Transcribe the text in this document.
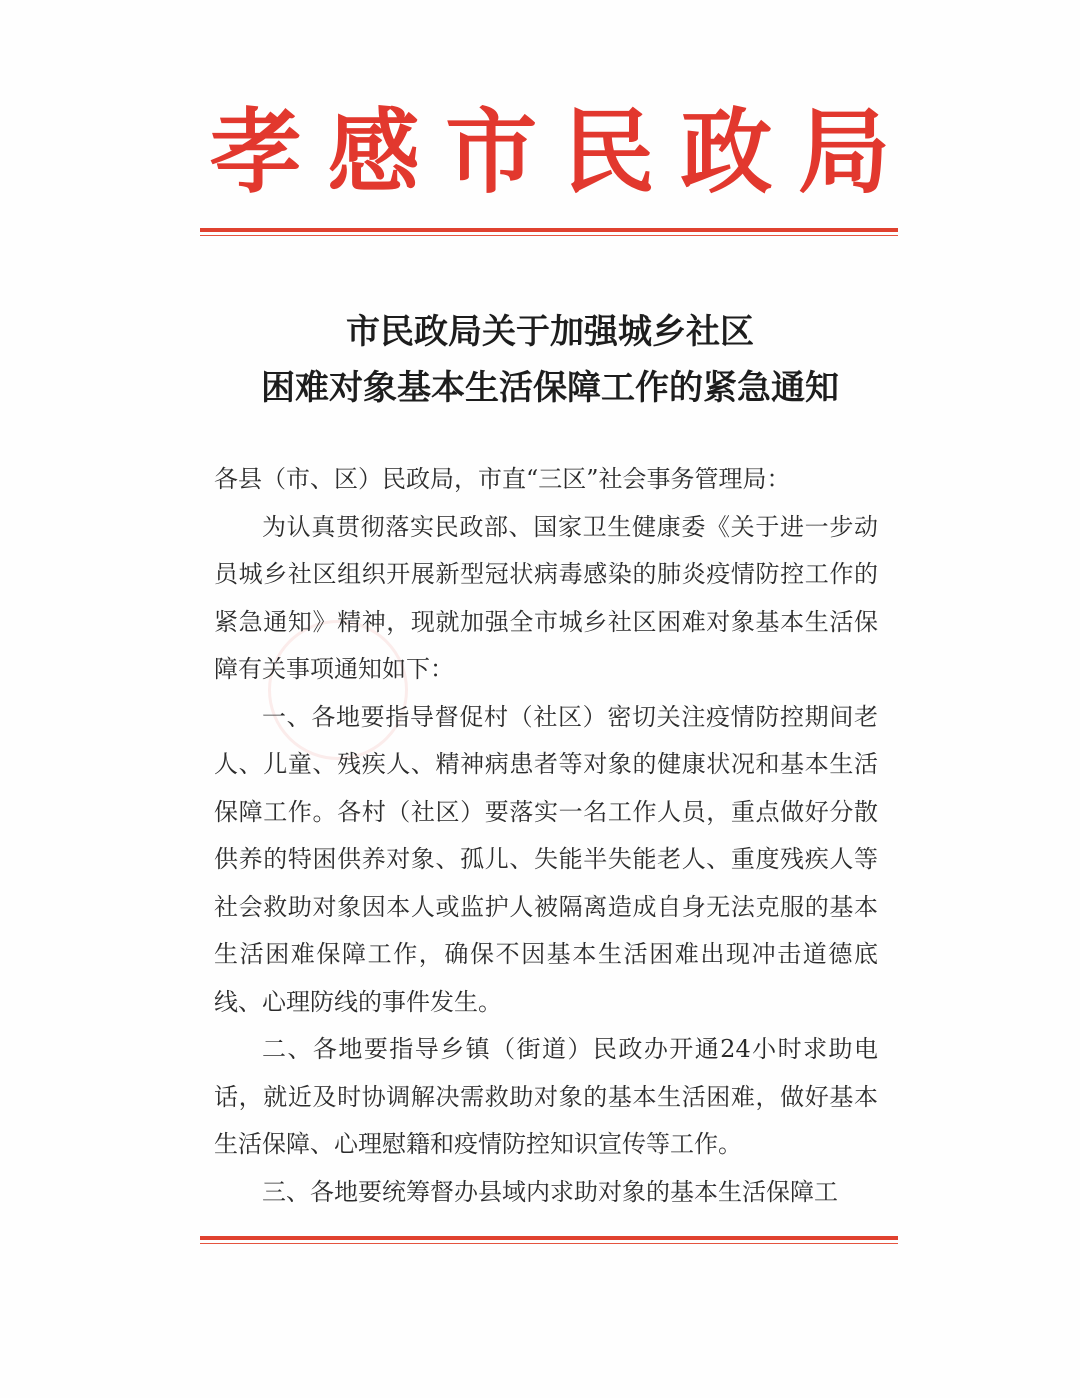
孝 感 市 民 政 局
市民政局关于加强城乡社区
困难对象基本生活保障工作的紧急通知

各县（市、区）民政局，市直“三区”社会事务管理局：

为认真贯彻落实民政部、国家卫生健康委《关于进一步动员城乡社区组织开展新型冠状病毒感染的肺炎疫情防控工作的紧急通知》精神，现就加强全市城乡社区困难对象基本生活保障有关事项通知如下：

一、各地要指导督促村（社区）密切关注疫情防控期间老人、儿童、残疾人、精神病患者等对象的健康状况和基本生活保障工作。各村（社区）要落实一名工作人员，重点做好分散供养的特困供养对象、孤儿、失能半失能老人、重度残疾人等社会救助对象因本人或监护人被隔离造成自身无法克服的基本生活困难保障工作，确保不因基本生活困难出现冲击道德底线、心理防线的事件发生。

二、各地要指导乡镇（街道）民政办开通24小时求助电话，就近及时协调解决需救助对象的基本生活困难，做好基本生活保障、心理慰籍和疫情防控知识宣传等工作。

三、各地要统筹督办县域内求助对象的基本生活保障工
